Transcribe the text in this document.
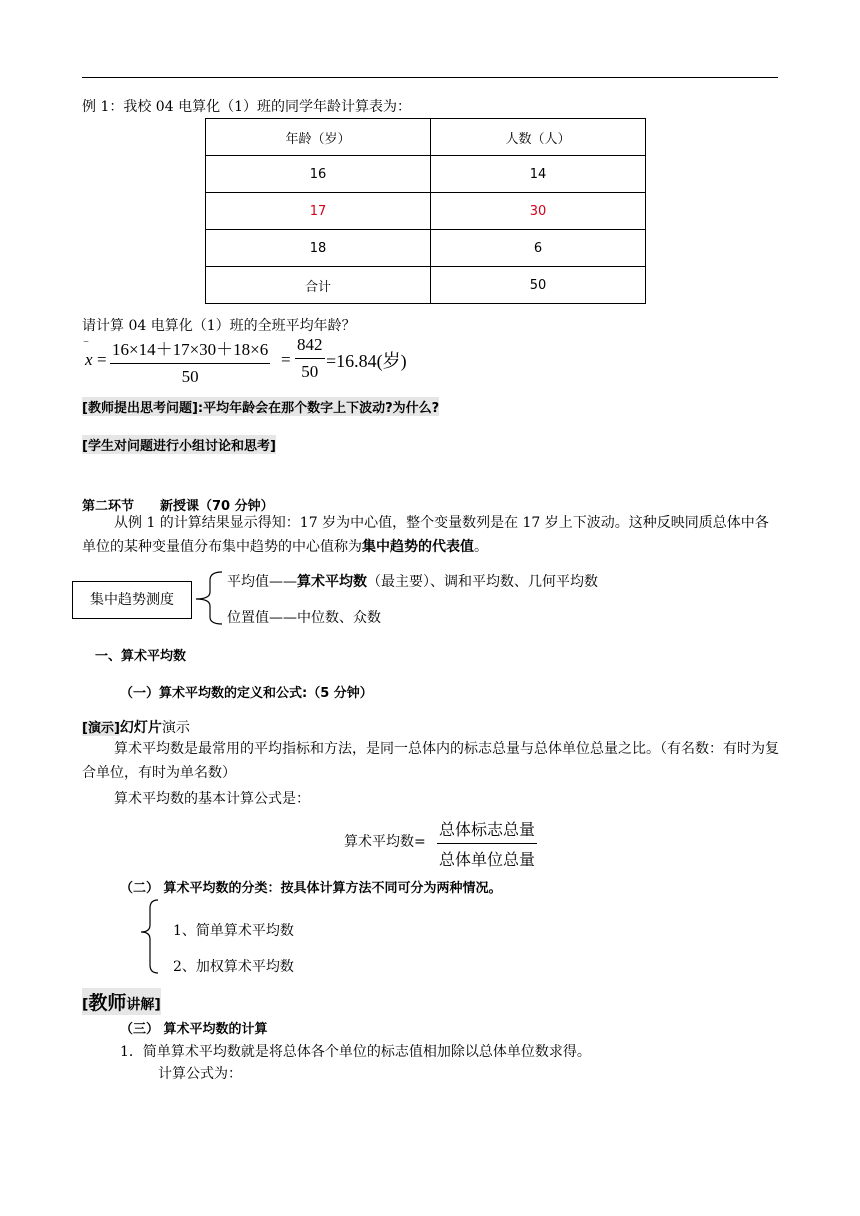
例 1：我校 04 电算化（1）班的同学年龄计算表为：
年龄（岁）	人数（人）
16	14
17	30
18	6
合计	50
请计算 04 电算化（1）班的全班平均年龄？
‾
$x = \frac{16\times 14+17\times 30+18\times 6}{50} = \frac{842}{50} =16.84$(岁)
[教师提出思考问题]:平均年龄会在那个数字上下波动?为什么?
[学生对问题进行小组讨论和思考]
第二环节　　新授课（70 分钟）
从例 1 的计算结果显示得知：17 岁为中心值，整个变量数列是在 17 岁上下波动。这种反映同质总体中各单位的某种变量值分布集中趋势的中心值称为集中趋势的代表值。
集中趋势测度
平均值——算术平均数（最主要）、调和平均数、几何平均数
位置值——中位数、众数
一、算术平均数
（一）算术平均数的定义和公式:（5 分钟）
[演示]幻灯片演示
算术平均数是最常用的平均指标和方法，是同一总体内的标志总量与总体单位总量之比。（有名数：有时为复合单位，有时为单名数）
算术平均数的基本计算公式是：
算术平均数=
总体标志总量
总体单位总量
（二） 算术平均数的分类：按具体计算方法不同可分为两种情况。
1、简单算术平均数
2、加权算术平均数
[教师讲解]
（三） 算术平均数的计算
1．简单算术平均数就是将总体各个单位的标志值相加除以总体单位数求得。
计算公式为：
